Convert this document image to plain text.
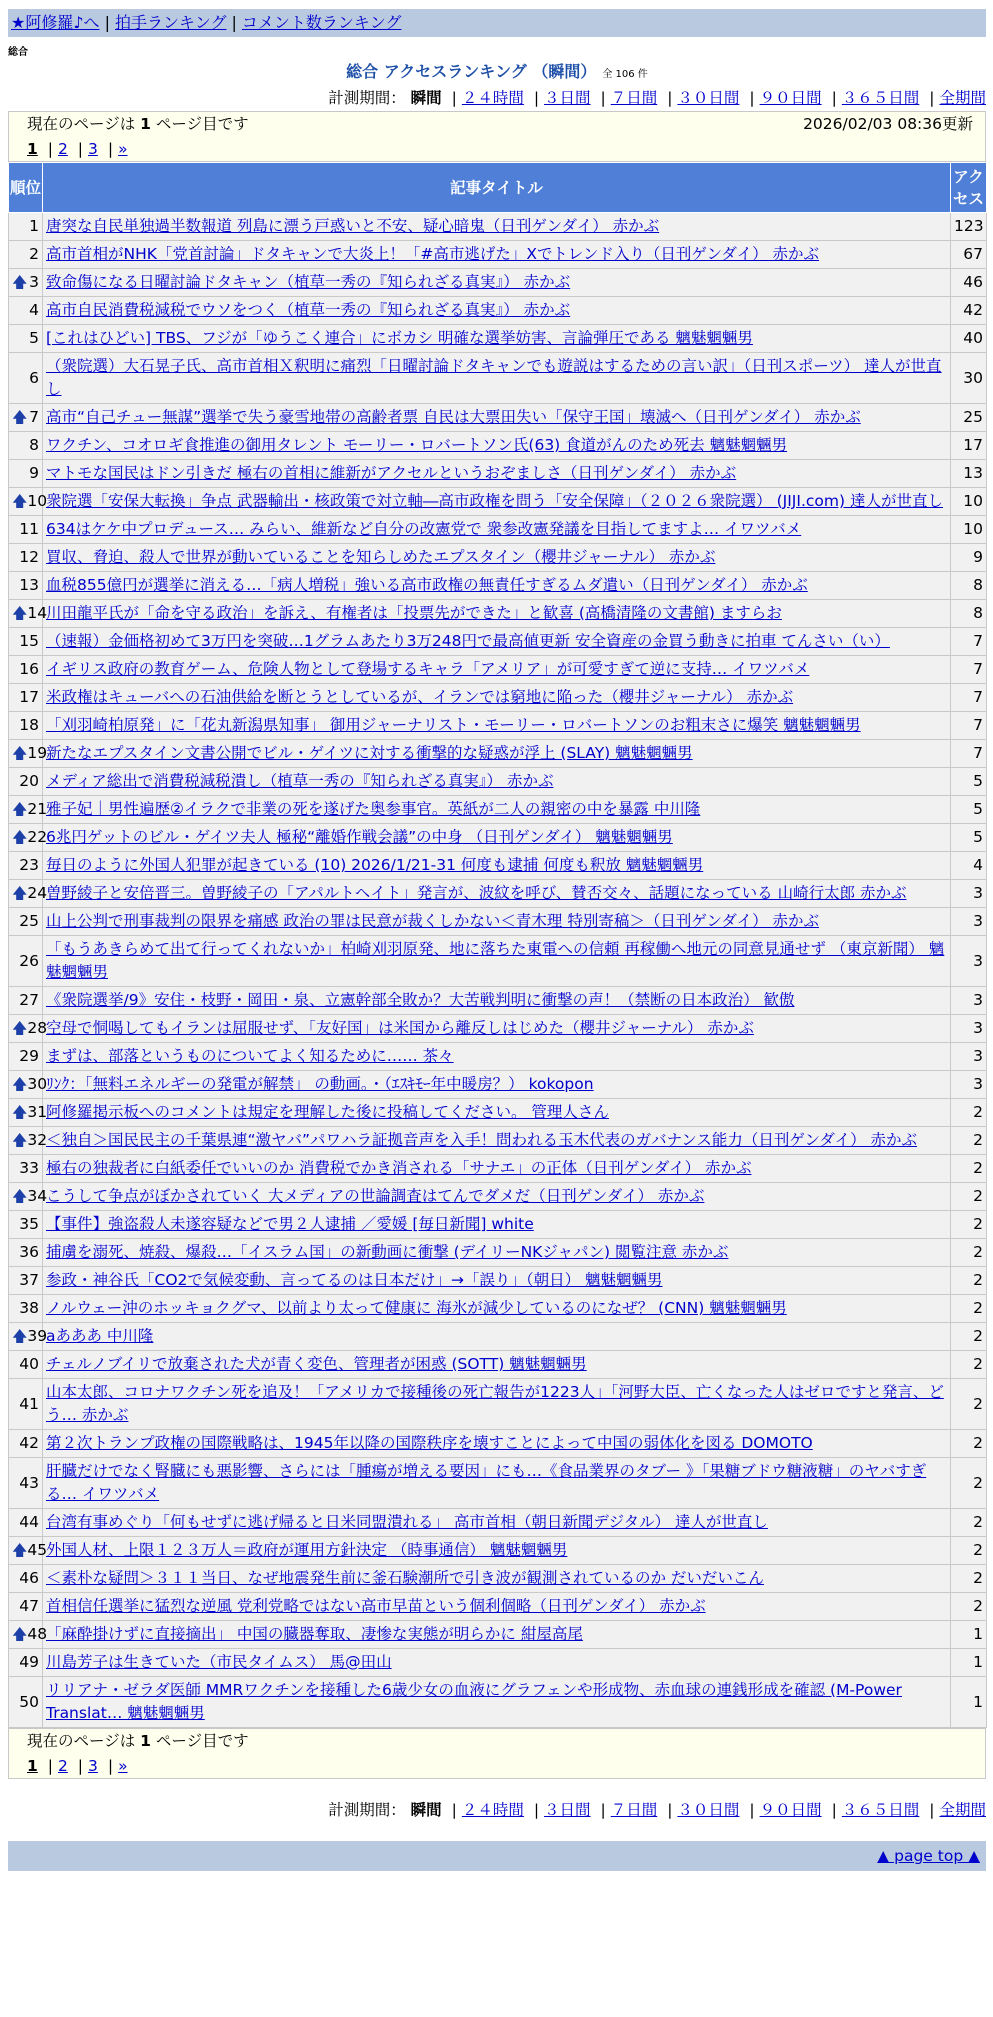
★阿修羅♪へ | 拍手ランキング | コメント数ランキング
総合
総合 アクセスランキング （瞬間） 全 106 件
計測期間： 瞬間 | ２４時間 | ３日間 | ７日間 | ３０日間 | ９０日間 | ３６５日間 | 全期間
現在のページは 1 ページ目です	2026/02/03 08:36更新
1 | 2 | 3 | »
順位	記事タイトル	アクセス
1	唐突な自民単独過半数報道 列島に漂う戸惑いと不安、疑心暗鬼（日刊ゲンダイ） 赤かぶ	123
2	高市首相がNHK「党首討論」ドタキャンで大炎上！「#高市逃げた」Xでトレンド入り（日刊ゲンダイ） 赤かぶ	67

🡅 3	致命傷になる日曜討論ドタキャン（植草一秀の『知られざる真実』） 赤かぶ	46
4	高市自民消費税減税でウソをつく（植草一秀の『知られざる真実』） 赤かぶ	42
5	[これはひどい] TBS、フジが「ゆうこく連合」にボカシ 明確な選挙妨害、言論弾圧である 魑魅魍魎男	40
6	（衆院選）大石晃子氏、高市首相Ｘ釈明に痛烈「日曜討論ドタキャンでも遊説はするための言い訳」（日刊スポーツ） 達人が世直し	30

🡅 7	高市“自己チュー無謀”選挙で失う豪雪地帯の高齢者票 自民は大票田失い「保守王国」壊滅へ（日刊ゲンダイ） 赤かぶ	25
8	ワクチン、コオロギ食推進の御用タレント モーリー・ロバートソン氏(63) 食道がんのため死去 魑魅魍魎男	17
9	マトモな国民はドン引きだ 極右の首相に維新がアクセルというおぞましさ（日刊ゲンダイ） 赤かぶ	13

🡅 10	衆院選「安保大転換」争点 武器輸出・核政策で対立軸―高市政権を問う「安全保障」（２０２６衆院選） (JIJI.com) 達人が世直し	10
11	634はケケ中プロデュース… みらい、維新など自分の改憲党で 衆参改憲発議を目指してますよ… イワツバメ	10
12	買収、脅迫、殺人で世界が動いていることを知らしめたエプスタイン（櫻井ジャーナル） 赤かぶ	9
13	血税855億円が選挙に消える…「病人増税」強いる高市政権の無責任すぎるムダ遣い（日刊ゲンダイ） 赤かぶ	8

🡅 14	川田龍平氏が「命を守る政治」を訴え、有権者は「投票先ができた」と歓喜 (高橋清隆の文書館) ますらお	8
15	（速報）金価格初めて3万円を突破…1グラムあたり3万248円で最高値更新 安全資産の金買う動きに拍車 てんさい（い）	7
16	イギリス政府の教育ゲーム、危険人物として登場するキャラ「アメリア」が可愛すぎて逆に支持… イワツバメ	7
17	米政権はキューバへの石油供給を断とうとしているが、イランでは窮地に陥った（櫻井ジャーナル） 赤かぶ	7
18	「刈羽崎柏原発」に「花丸新潟県知事」 御用ジャーナリスト・モーリー・ロバートソンのお粗末さに爆笑 魑魅魍魎男	7

🡅 19	新たなエプスタイン文書公開でビル・ゲイツに対する衝撃的な疑惑が浮上 (SLAY) 魑魅魍魎男	7
20	メディア総出で消費税減税潰し（植草一秀の『知られざる真実』） 赤かぶ	5

🡅 21	雅子妃｜男性遍歴②イラクで非業の死を遂げた奥参事官。英紙が二人の親密の中を暴露 中川隆	5

🡅 22	6兆円ゲットのビル・ゲイツ夫人 極秘“離婚作戦会議”の中身 （日刊ゲンダイ） 魑魅魍魎男	5
23	毎日のように外国人犯罪が起きている (10) 2026/1/21-31 何度も逮捕 何度も釈放 魑魅魍魎男	4

🡅 24	曽野綾子と安倍晋三。曽野綾子の「アパルトヘイト」発言が、波紋を呼び、賛否交々、話題になっている 山崎行太郎 赤かぶ	3
25	山上公判で刑事裁判の限界を痛感 政治の罪は民意が裁くしかない＜青木理 特別寄稿＞（日刊ゲンダイ） 赤かぶ	3
26	「もうあきらめて出て行ってくれないか」柏崎刈羽原発、地に落ちた東電への信頼 再稼働へ地元の同意見通せず （東京新聞） 魑魅魍魎男	3
27	《衆院選挙/9》安住・枝野・岡田・泉、立憲幹部全敗か？大苦戦判明に衝撃の声！（禁断の日本政治） 歓傲	3

🡅 28	空母で恫喝してもイランは屈服せず、「友好国」は米国から離反しはじめた（櫻井ジャーナル） 赤かぶ	3
29	まずは、部落というものについてよく知るために…… 茶々	3

🡅 30	ﾘﾝｸ：「無料エネルギーの発電が解禁」 の動画。・（ｴｽｷﾓｰ年中暖房？） kokopon	3

🡅 31	阿修羅掲示板へのコメントは規定を理解した後に投稿してください。 管理人さん	2

🡅 32	＜独自＞国民民主の千葉県連“激ヤバ”パワハラ証拠音声を入手！問われる玉木代表のガバナンス能力（日刊ゲンダイ） 赤かぶ	2
33	極右の独裁者に白紙委任でいいのか 消費税でかき消される「サナエ」の正体（日刊ゲンダイ） 赤かぶ	2

🡅 34	こうして争点がぼかされていく 大メディアの世論調査はてんでダメだ（日刊ゲンダイ） 赤かぶ	2
35	【事件】強盗殺人未遂容疑などで男２人逮捕 ／愛媛 [毎日新聞] white	2
36	捕虜を溺死、焼殺、爆殺…「イスラム国」の新動画に衝撃 (デイリーNKジャパン) 閲覧注意 赤かぶ	2
37	参政・神谷氏「CO2で気候変動、言ってるのは日本だけ」→「誤り」（朝日） 魑魅魍魎男	2
38	ノルウェー沖のホッキョクグマ、以前より太って健康に 海氷が減少しているのになぜ？ (CNN) 魑魅魍魎男	2

🡅 39	aあああ 中川隆	2
40	チェルノブイリで放棄された犬が青く変色、管理者が困惑 (SOTT) 魑魅魍魎男	2
41	山本太郎、コロナワクチン死を追及！「アメリカで接種後の死亡報告が1223人」「河野大臣、亡くなった人はゼロですと発言、どう… 赤かぶ	2
42	第２次トランプ政権の国際戦略は、1945年以降の国際秩序を壊すことによって中国の弱体化を図る DOMOTO	2
43	肝臓だけでなく腎臓にも悪影響、さらには「腫瘍が増える要因」にも…《食品業界のタブー 》「果糖ブドウ糖液糖」のヤバすぎる… イワツバメ	2
44	台湾有事めぐり「何もせずに逃げ帰ると日米同盟潰れる」 高市首相（朝日新聞デジタル） 達人が世直し	2

🡅 45	外国人材、上限１２３万人＝政府が運用方針決定 （時事通信） 魑魅魍魎男	2
46	＜素朴な疑問＞３１１当日、なぜ地震発生前に釜石験潮所で引き波が観測されているのか だいだいこん	2
47	首相信任選挙に猛烈な逆風 党利党略ではない高市早苗という個利個略（日刊ゲンダイ） 赤かぶ	2

🡅 48	「麻酔掛けずに直接摘出」 中国の臓器奪取、凄惨な実態が明らかに 紺屋高尾	1
49	川島芳子は生きていた（市民タイムス） 馬@田山	1
50	リリアナ・ゼラダ医師 MMRワクチンを接種した6歳少女の血液にグラフェンや形成物、赤血球の連銭形成を確認 (M-Power Translat… 魑魅魍魎男	1
現在のページは 1 ページ目です
1 | 2 | 3 | »
計測期間： 瞬間 | ２４時間 | ３日間 | ７日間 | ３０日間 | ９０日間 | ３６５日間 | 全期間
▲ page top ▲
